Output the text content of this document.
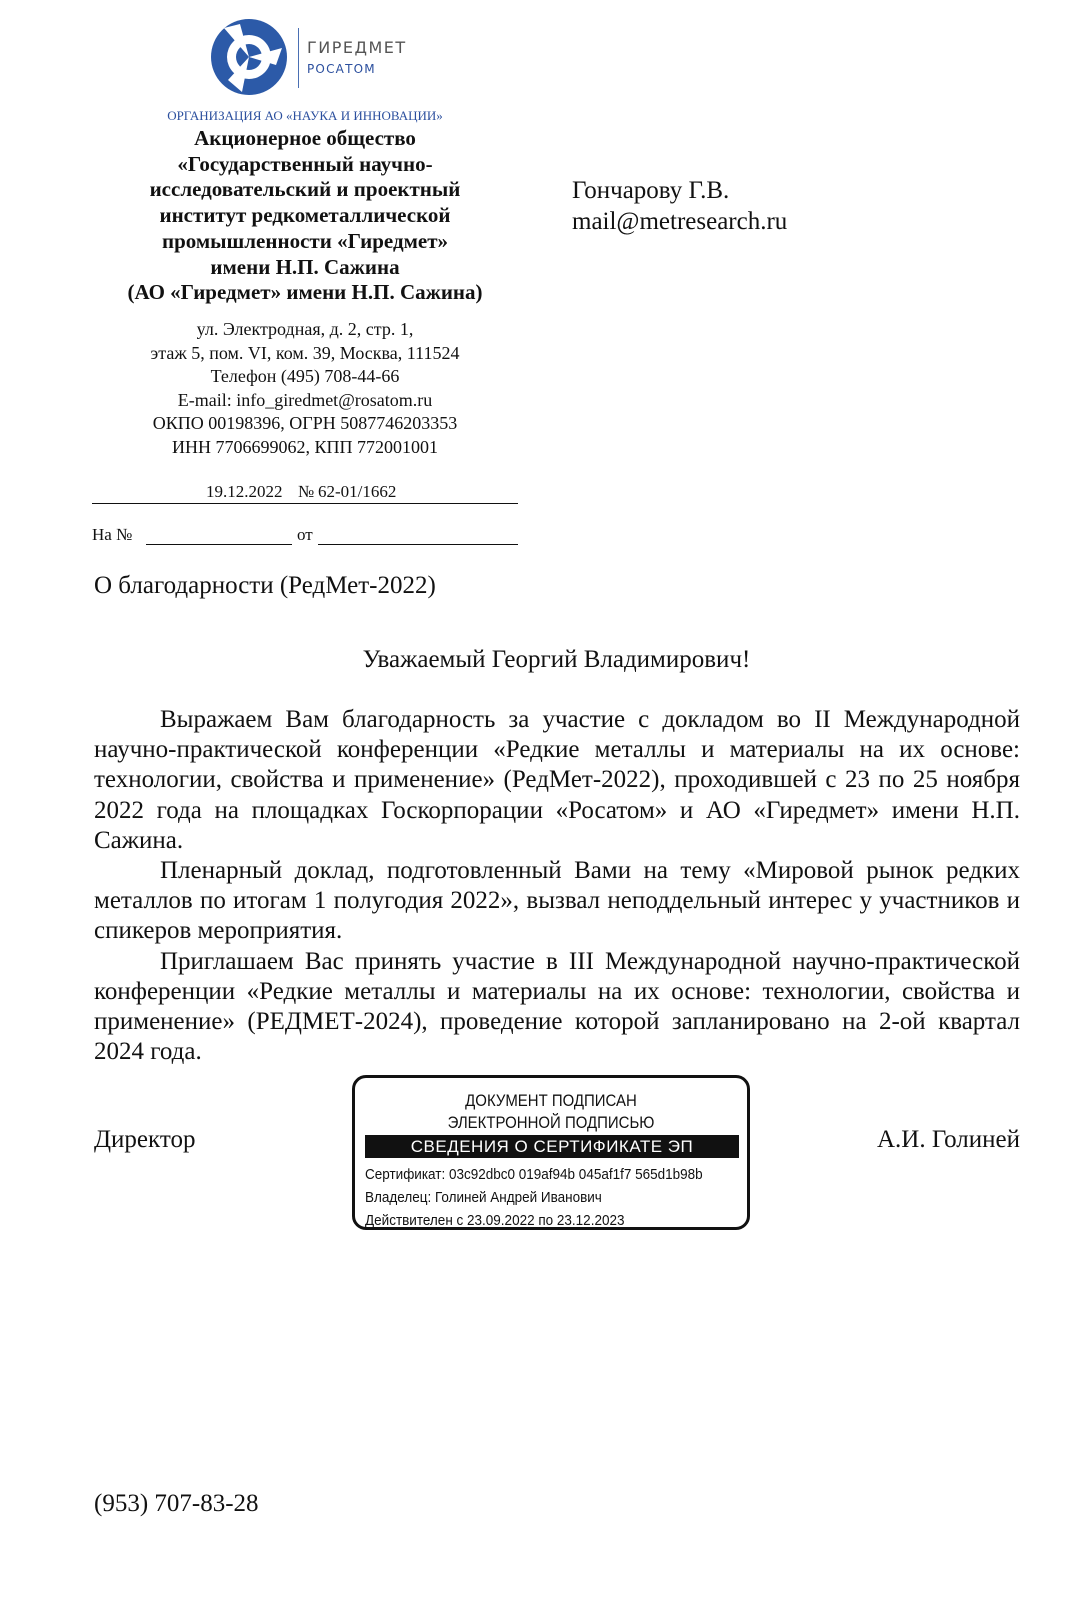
ГИРЕДМЕТ
РОСАТОМ
ОРГАНИЗАЦИЯ АО «НАУКА И ИННОВАЦИИ»
Акционерное общество
«Государственный научно-
исследовательский и проектный
институт редкометаллической
промышленности «Гиредмет»
имени Н.П. Сажина
(АО «Гиредмет» имени Н.П. Сажина)
ул. Электродная, д. 2, стр. 1,
этаж 5, пом. VI, ком. 39, Москва, 111524
Телефон (495) 708-44-66
E-mail: info_giredmet@rosatom.ru
ОКПО 00198396, ОГРН 5087746203353
ИНН 7706699062, КПП 772001001
19.12.2022 № 62-01/1662
На №	от
Гончарову Г.В.
mail@metresearch.ru
О благодарности (РедМет-2022)
Уважаемый Георгий Владимирович!

Выражаем Вам благодарность за участие с докладом во II Международной научно-практической конференции «Редкие металлы и материалы на их основе: технологии, свойства и применение» (РедМет-2022), проходившей с 23 по 25 ноября 2022 года на площадках Госкорпорации «Росатом» и АО «Гиредмет» имени Н.П. Сажина.

Пленарный доклад, подготовленный Вами на тему «Мировой рынок редких металлов по итогам 1 полугодия 2022», вызвал неподдельный интерес у участников и спикеров мероприятия.

Приглашаем Вас принять участие в III Международной научно-практической конференции «Редкие металлы и материалы на их основе: технологии, свойства и применение» (РЕДМЕТ-2024), проведение которой запланировано на 2-ой квартал 2024 года.

Директор	А.И. Голиней
ДОКУМЕНТ ПОДПИСАН
ЭЛЕКТРОННОЙ ПОДПИСЬЮ
СВЕДЕНИЯ О СЕРТИФИКАТЕ ЭП
Сертификат: 03c92dbc0 019af94b 045af1f7 565d1b98b
Владелец: Голиней Андрей Иванович
Действителен с 23.09.2022 по 23.12.2023
(953) 707-83-28
